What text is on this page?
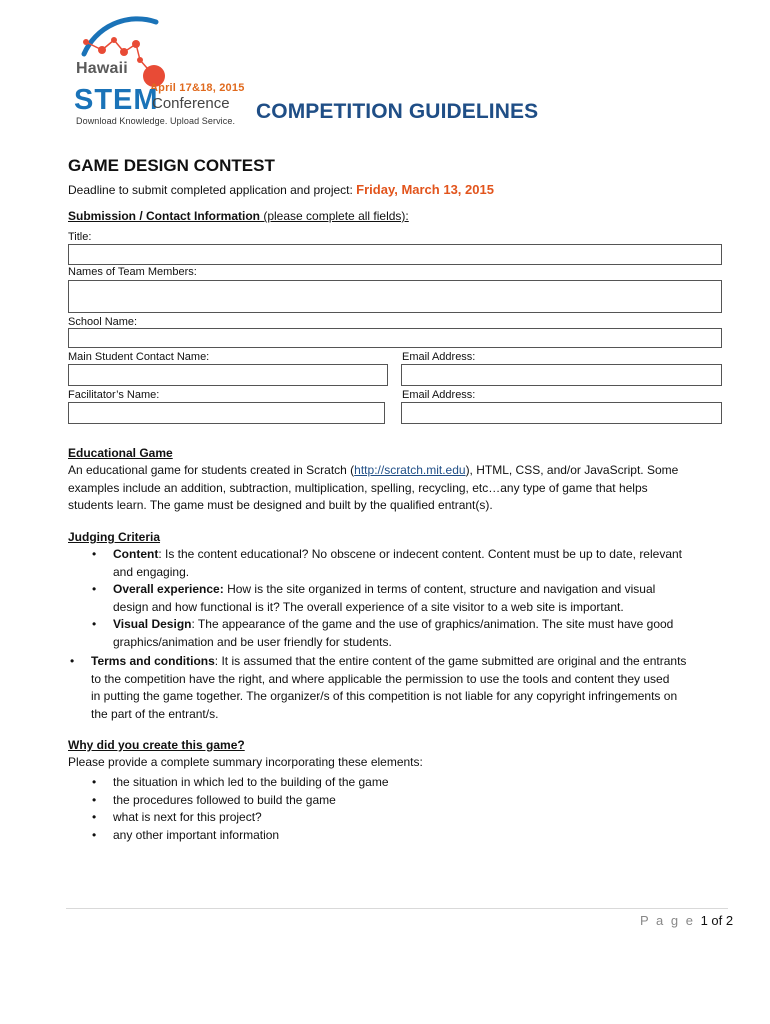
Hawaii
April 17&18, 2015
STEM
Conference
Download Knowledge. Upload Service. COMPETITION GUIDELINES
GAME DESIGN CONTEST
Deadline to submit completed application and project: Friday, March 13, 2015
Submission / Contact Information (please complete all fields):
Title:
Names of Team Members:
School Name:
Main Student Contact Name:	Email Address:
Facilitator’s Name:	Email Address:
Educational Game
An educational game for students created in Scratch (http://scratch.mit.edu), HTML, CSS, and/or JavaScript. Some
examples include an addition, subtraction, multiplication, spelling, recycling, etc…any type of game that helps
students learn. The game must be designed and built by the qualified entrant(s).
Judging Criteria
• Content: Is the content educational? No obscene or indecent content. Content must be up to date, relevant
and engaging.
• Overall experience: How is the site organized in terms of content, structure and navigation and visual
design and how functional is it? The overall experience of a site visitor to a web site is important.
• Visual Design: The appearance of the game and the use of graphics/animation. The site must have good
graphics/animation and be user friendly for students.
• Terms and conditions: It is assumed that the entire content of the game submitted are original and the entrants
to the competition have the right, and where applicable the permission to use the tools and content they used
in putting the game together. The organizer/s of this competition is not liable for any copyright infringements on
the part of the entrant/s.
Why did you create this game?
Please provide a complete summary incorporating these elements:
• the situation in which led to the building of the game
• the procedures followed to build the game
• what is next for this project?
• any other important information
P a g e 1 of 2
